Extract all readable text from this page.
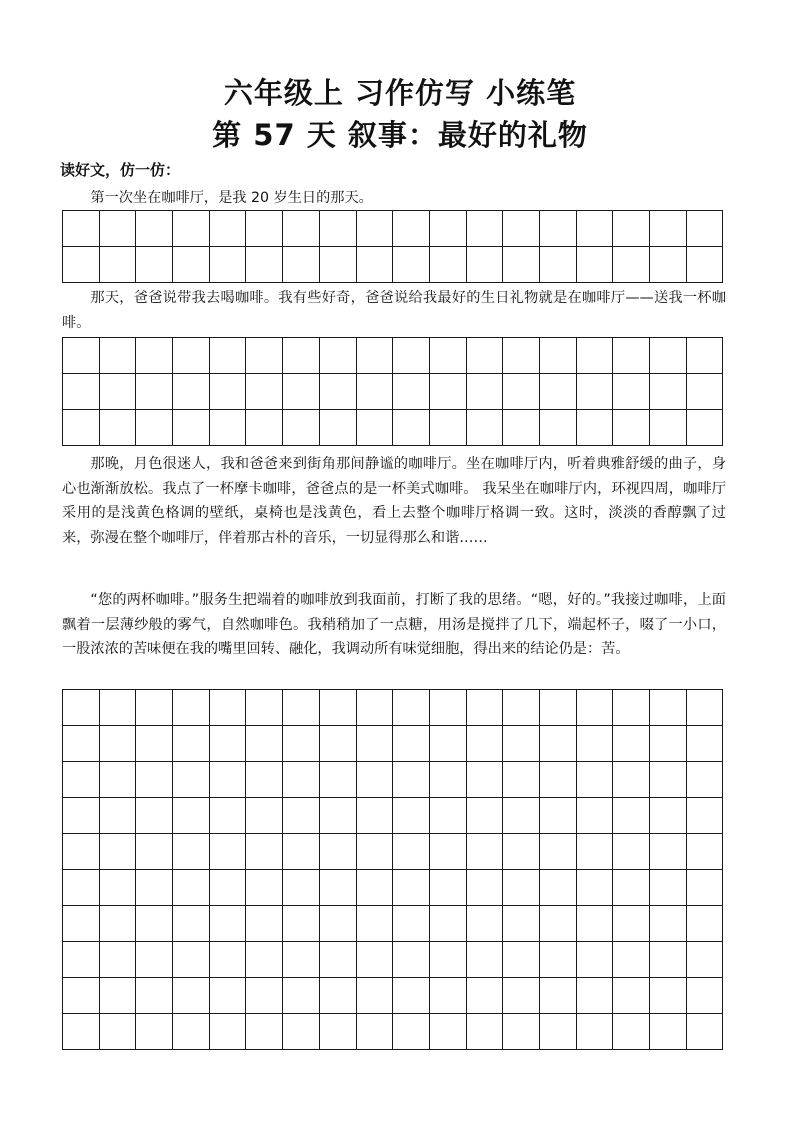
六年级上 习作仿写 小练笔
第 57 天 叙事：最好的礼物
读好文，仿一仿：

第一次坐在咖啡厅，是我 20 岁生日的那天。

那天，爸爸说带我去喝咖啡。我有些好奇，爸爸说给我最好的生日礼物就是在咖啡厅——送我一杯咖啡。

那晚，月色很迷人，我和爸爸来到街角那间静谧的咖啡厅。坐在咖啡厅内，听着典雅舒缓的曲子，身心也渐渐放松。我点了一杯摩卡咖啡，爸爸点的是一杯美式咖啡。 我呆坐在咖啡厅内，环视四周，咖啡厅采用的是浅黄色格调的壁纸，桌椅也是浅黄色，看上去整个咖啡厅格调一致。这时，淡淡的香醇飘了过来，弥漫在整个咖啡厅，伴着那古朴的音乐，一切显得那么和谐……

“您的两杯咖啡。”服务生把端着的咖啡放到我面前，打断了我的思绪。“嗯，好的。”我接过咖啡，上面飘着一层薄纱般的雾气，自然咖啡色。我稍稍加了一点糖，用汤是搅拌了几下，端起杯子，啜了一小口，一股浓浓的苦味便在我的嘴里回转、融化，我调动所有味觉细胞，得出来的结论仍是：苦。
